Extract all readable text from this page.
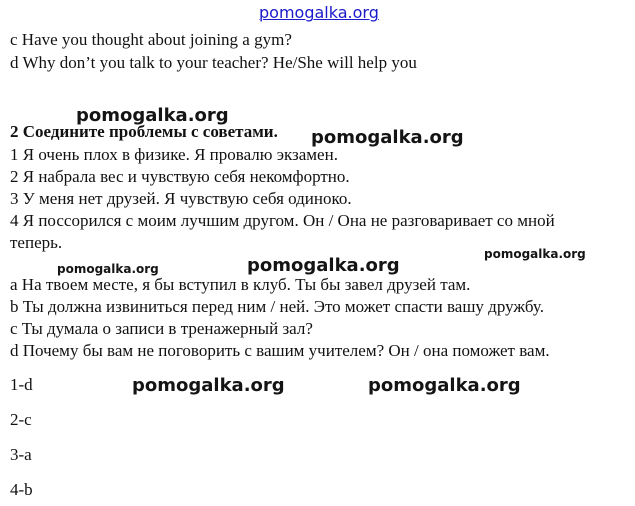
pomogalka.org
pomogalka.org
pomogalka.org
pomogalka.org
pomogalka.org	pomogalka.org
pomogalka.org	pomogalka.org
c Have you thought about joining a gym?
d Why don’t you talk to your teacher? He/She will help you
2 Соедините проблемы с советами.
1 Я очень плох в физике. Я провалю экзамен.
2 Я набрала вес и чувствую себя некомфортно.
3 У меня нет друзей. Я чувствую себя одиноко.
4 Я поссорился с моим лучшим другом. Он / Она не разговаривает со мной
теперь.
a На твоем месте, я бы вступил в клуб. Ты бы завел друзей там.
b Ты должна извиниться перед ним / ней. Это может спасти вашу дружбу.
c Ты думала о записи в тренажерный зал?
d Почему бы вам не поговорить с вашим учителем? Он / она поможет вам.
1-d
2-c
3-a
4-b
